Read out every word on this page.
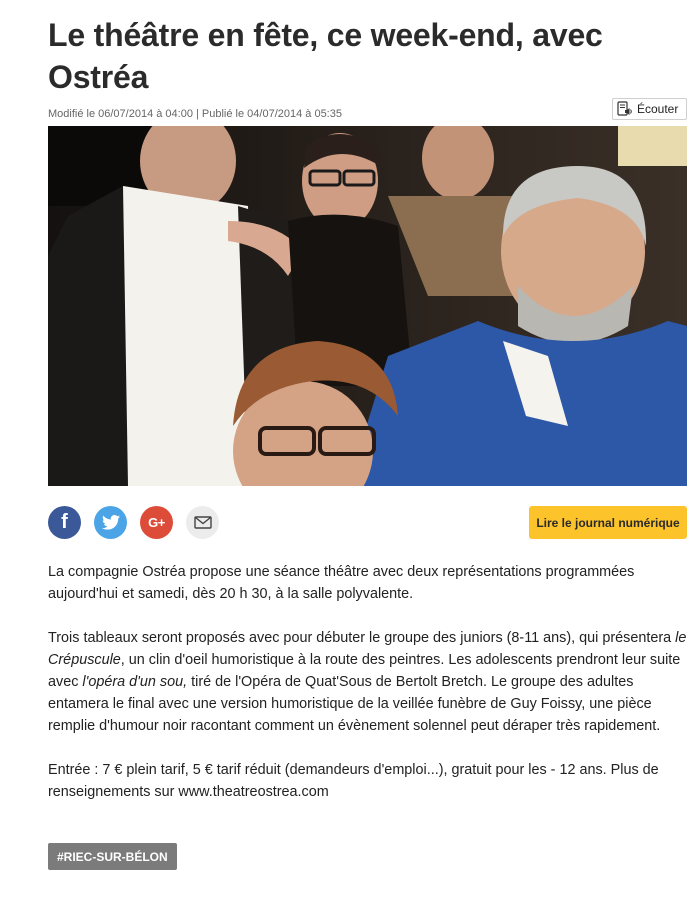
Le théâtre en fête, ce week-end, avec Ostréa
Modifié le 06/07/2014 à 04:00 | Publié le 04/07/2014 à 05:35	Écouter
f	G+	Lire le journal numérique

La compagnie Ostréa propose une séance théâtre avec deux représentations programmées aujourd'hui et samedi, dès 20 h 30, à la salle polyvalente.

Trois tableaux seront proposés avec pour débuter le groupe des juniors (8-11 ans), qui présentera le Crépuscule, un clin d'oeil humoristique à la route des peintres. Les adolescents prendront leur suite avec l'opéra d'un sou, tiré de l'Opéra de Quat'Sous de Bertolt Bretch. Le groupe des adultes entamera le final avec une version humoristique de la veillée funèbre de Guy Foissy, une pièce remplie d'humour noir racontant comment un évènement solennel peut déraper très rapidement.

Entrée : 7 € plein tarif, 5 € tarif réduit (demandeurs d'emploi...), gratuit pour les - 12 ans. Plus de renseignements sur www.theatreostrea.com

#RIEC-SUR-BÉLON
